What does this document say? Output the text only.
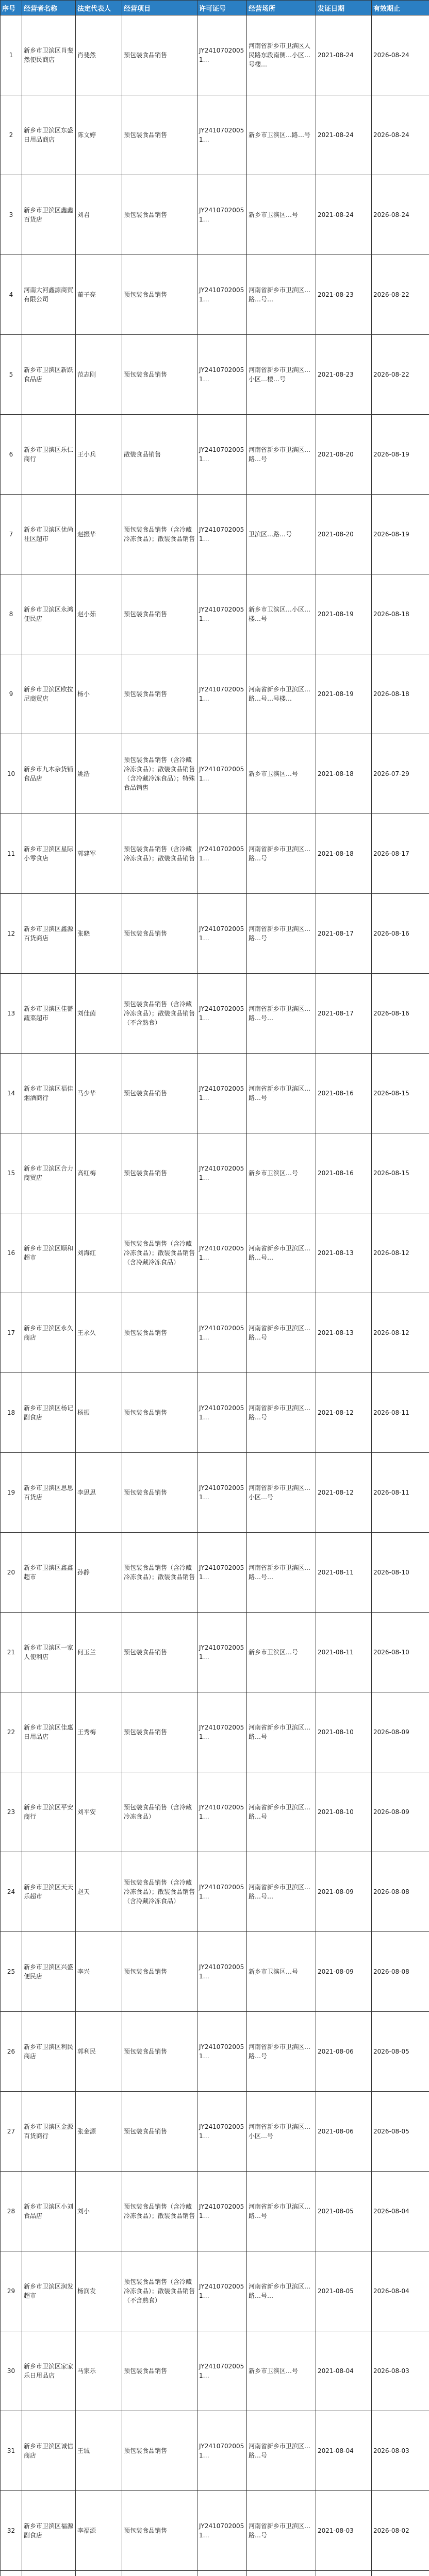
序号	经营者名称	法定代表人	经营项目	许可证号	经营场所	发证日期	有效期止
1	新乡市卫滨区肖斐然便民商店	肖斐然	预包装食品销售	JY24107020051…	河南省新乡市卫滨区人民路东段南侧…小区…号楼…	2021-08-24	2026-08-24
2	新乡市卫滨区东盛日用品商店	陈文婷	预包装食品销售	JY24107020051…	新乡市卫滨区…路…号	2021-08-24	2026-08-24
3	新乡市卫滨区鑫鑫百货店	刘君	预包装食品销售	JY24107020051…	新乡市卫滨区…号	2021-08-24	2026-08-24
4	河南大河鑫源商贸有限公司	董子亮	预包装食品销售	JY24107020051…	河南省新乡市卫滨区…路…号…	2021-08-23	2026-08-22
5	新乡市卫滨区新跃食品店	范志刚	预包装食品销售	JY24107020051…	河南省新乡市卫滨区…小区…楼…号	2021-08-23	2026-08-22
6	新乡市卫滨区乐仁商行	王小兵	散装食品销售	JY24107020051…	河南省新乡市卫滨区…路…号	2021-08-20	2026-08-19
7	新乡市卫滨区优尚社区超市	赵振华	预包装食品销售（含冷藏冷冻食品）；散装食品销售	JY24107020051…	卫滨区…路…号	2021-08-20	2026-08-19
8	新乡市卫滨区永鸿便民店	赵小茹	预包装食品销售	JY24107020051…	新乡市卫滨区…小区…楼…号	2021-08-19	2026-08-18
9	新乡市卫滨区欧拉尼商贸店	杨小	预包装食品销售	JY24107020051…	河南省新乡市卫滨区…路…号…号楼…	2021-08-19	2026-08-18
10	新乡市九木杂货铺食品店	姚浩	预包装食品销售（含冷藏冷冻食品）；散装食品销售（含冷藏冷冻食品）；特殊食品销售	JY24107020051…	新乡市卫滨区…号	2021-08-18	2026-07-29
11	新乡市卫滨区星际小零食店	郭建军	预包装食品销售（含冷藏冷冻食品）；散装食品销售	JY24107020051…	河南省新乡市卫滨区…路…号	2021-08-18	2026-08-17
12	新乡市卫滨区鑫源百货商店	张晓	预包装食品销售	JY24107020051…	河南省新乡市卫滨区…路…号	2021-08-17	2026-08-16
13	新乡市卫滨区佳蔷蔬菜超市	刘佳茵	预包装食品销售（含冷藏冷冻食品）；散装食品销售（不含熟食）	JY24107020051…	河南省新乡市卫滨区…路…号…	2021-08-17	2026-08-16
14	新乡市卫滨区福佳烟酒商行	马少华	预包装食品销售	JY24107020051…	河南省新乡市卫滨区…路…号	2021-08-16	2026-08-15
15	新乡市卫滨区合力商贸店	高红梅	预包装食品销售	JY24107020051…	新乡市卫滨区…号	2021-08-16	2026-08-15
16	新乡市卫滨区顺和超市	刘海红	预包装食品销售（含冷藏冷冻食品）；散装食品销售（含冷藏冷冻食品）	JY24107020051…	河南省新乡市卫滨区…路…号…	2021-08-13	2026-08-12
17	新乡市卫滨区永久商店	王永久	预包装食品销售	JY24107020051…	河南省新乡市卫滨区…路…号	2021-08-13	2026-08-12
18	新乡市卫滨区杨记副食店	杨振	预包装食品销售	JY24107020051…	河南省新乡市卫滨区…路…号	2021-08-12	2026-08-11
19	新乡市卫滨区思思百货店	李思思	预包装食品销售	JY24107020051…	河南省新乡市卫滨区…小区…号	2021-08-12	2026-08-11
20	新乡市卫滨区鑫鑫超市	孙静	预包装食品销售（含冷藏冷冻食品）；散装食品销售	JY24107020051…	河南省新乡市卫滨区…路…号…	2021-08-11	2026-08-10
21	新乡市卫滨区一家人便利店	何玉兰	预包装食品销售	JY24107020051…	新乡市卫滨区…号	2021-08-11	2026-08-10
22	新乡市卫滨区佳惠日用品店	王秀梅	预包装食品销售	JY24107020051…	河南省新乡市卫滨区…路…号	2021-08-10	2026-08-09
23	新乡市卫滨区平安商行	刘平安	预包装食品销售（含冷藏冷冻食品）	JY24107020051…	河南省新乡市卫滨区…路…号	2021-08-10	2026-08-09
24	新乡市卫滨区天天乐超市	赵天	预包装食品销售（含冷藏冷冻食品）；散装食品销售（含冷藏冷冻食品）	JY24107020051…	河南省新乡市卫滨区…路…号…	2021-08-09	2026-08-08
25	新乡市卫滨区兴盛便民店	李兴	预包装食品销售	JY24107020051…	新乡市卫滨区…号	2021-08-09	2026-08-08
26	新乡市卫滨区利民商店	郭利民	预包装食品销售	JY24107020051…	河南省新乡市卫滨区…路…号	2021-08-06	2026-08-05
27	新乡市卫滨区金源百货商行	张金源	预包装食品销售	JY24107020051…	河南省新乡市卫滨区…小区…号	2021-08-06	2026-08-05
28	新乡市卫滨区小刘食品店	刘小	预包装食品销售（含冷藏冷冻食品）；散装食品销售	JY24107020051…	河南省新乡市卫滨区…路…号	2021-08-05	2026-08-04
29	新乡市卫滨区润发超市	杨润发	预包装食品销售（含冷藏冷冻食品）；散装食品销售（不含熟食）	JY24107020051…	河南省新乡市卫滨区…路…号…	2021-08-05	2026-08-04
30	新乡市卫滨区家家乐日用品店	马家乐	预包装食品销售	JY24107020051…	新乡市卫滨区…号	2021-08-04	2026-08-03
31	新乡市卫滨区诚信商店	王诚	预包装食品销售	JY24107020051…	河南省新乡市卫滨区…路…号	2021-08-04	2026-08-03
32	新乡市卫滨区福源副食店	李福源	预包装食品销售	JY24107020051…	河南省新乡市卫滨区…路…号	2021-08-03	2026-08-02
